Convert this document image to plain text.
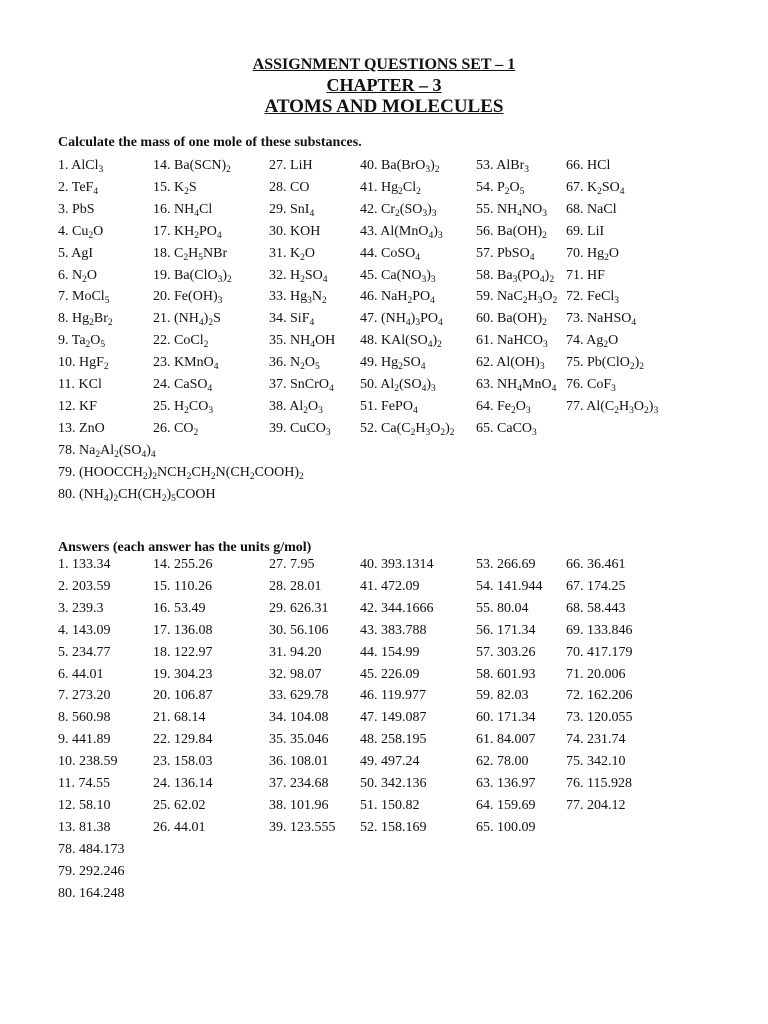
ASSIGNMENT QUESTIONS SET – 1
CHAPTER – 3
ATOMS AND MOLECULES

Calculate the mass of one mole of these substances.

1. AlCl$_3$	14. $Ba(SCN)_2$	27. LiH	40. $Ba(BrO_3)_2$	53. AlBr$_3$	66. HCl
2. TeF$_4$	15. $K_2S$	28. CO	41. $Hg_2Cl_2$	54. $P_2O_5$	67. $K_2SO_4$
3. PbS	16. $NH_4Cl$	29. SnI$_4$	42. $Cr_2(SO_3)_3$	55. $NH_4NO_3$ 68. NaCl
4. $Cu_2O$	17. $KH_2PO_4$	30. KOH	43. $Al(MnO_4)_3$ 56. $Ba(OH)_2$ 69. LiI
5. AgI	18. $C_2H_5NBr$	31. $K_2O$	44. CoSO$_4$	57. PbSO$_4$ 70. $Hg_2O$
6. $N_2O$	19. $Ba(ClO_3)_2$	32. $H_2SO_4$ 45. $Ca(NO_3)_3$	58. $Ba_3(PO_4)_2$ 71. HF
7. MoCl$_5$	20. $Fe(OH)_3$	33. $Hg_3N_2$ 46. $NaH_2PO_4$	59. $NaC_2H_3O_2$ 72. FeCl$_3$
8. $Hg_2Br_2$	21. $(NH_4)_2S$	34. SiF$_4$	47. $(NH_4)_3PO_4$ 60. $Ba(OH)_2$ 73. NaHSO$_4$
9. $Ta_2O_5$	22. CoCl$_2$	35. $NH_4OH$ 48. $KAl(SO_4)_2$ 61. NaHCO$_3$ 74. $Ag_2O$
10. HgF$_2$	23. KMnO$_4$	36. $N_2O_5$	49. $Hg_2SO_4$	62. $Al(OH)_3$ 75. $Pb(ClO_2)_2$
11. KCl	24. CaSO$_4$	37. SnCrO$_4$ 50. $Al_2(SO_4)_3$	63. $NH_4MnO_4$ 76. CoF$_3$
12. KF	25. $H_2CO_3$	38. $Al_2O_3$	51. FePO$_4$	64. $Fe_2O_3$	77. $Al(C_2H_3O_2)_3$
13. ZnO	26. $CO_2$	39. CuCO$_3$ 52. $Ca(C_2H_3O_2)_2$ 65. CaCO$_3$
78. $Na_2Al_2(SO_4)_4$
79. $(HOOCCH_2)_2NCH_2CH_2N(CH_2COOH)_2$
80. $(NH_4)_2CH(CH_2)_5COOH$

Answers (each answer has the units g/mol)

1. 133.34	14. 255.26	27. 7.95	40. 393.1314	53. 266.69 66. 36.461
2. 203.59	15. 110.26	28. 28.01	41. 472.09	54. 141.944 67. 174.25
3. 239.3	16. 53.49	29. 626.31 42. 344.1666	55. 80.04	68. 58.443
4. 143.09	17. 136.08	30. 56.106 43. 383.788	56. 171.34 69. 133.846
5. 234.77	18. 122.97	31. 94.20	44. 154.99	57. 303.26 70. 417.179
6. 44.01	19. 304.23	32. 98.07	45. 226.09	58. 601.93 71. 20.006
7. 273.20	20. 106.87	33. 629.78 46. 119.977	59. 82.03	72. 162.206
8. 560.98	21. 68.14	34. 104.08 47. 149.087	60. 171.34 73. 120.055
9. 441.89	22. 129.84	35. 35.046 48. 258.195	61. 84.007 74. 231.74
10. 238.59	23. 158.03	36. 108.01 49. 497.24	62. 78.00	75. 342.10
11. 74.55	24. 136.14	37. 234.68 50. 342.136	63. 136.97 76. 115.928
12. 58.10	25. 62.02	38. 101.96 51. 150.82	64. 159.69 77. 204.12
13. 81.38	26. 44.01	39. 123.555 52. 158.169	65. 100.09
78. 484.173
79. 292.246
80. 164.248
